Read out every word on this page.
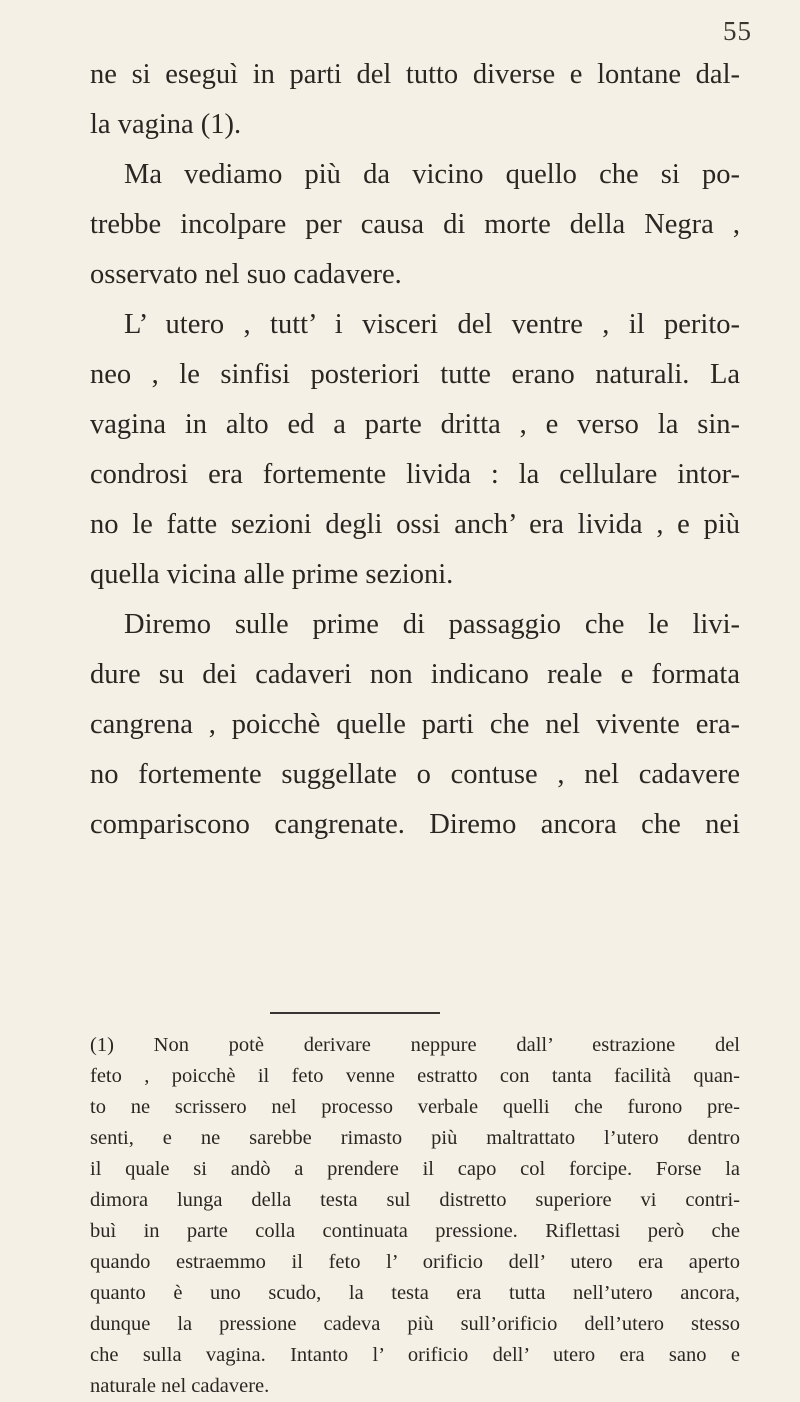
55
ne si eseguì in parti del tutto diverse e lontane dal-
la vagina (1).
Ma vediamo più da vicino quello che si po-
trebbe incolpare per causa di morte della Negra ,
osservato nel suo cadavere.
L’ utero , tutt’ i visceri del ventre , il perito-
neo , le sinfisi posteriori tutte erano naturali. La
vagina in alto ed a parte dritta , e verso la sin-
condrosi era fortemente livida : la cellulare intor-
no le fatte sezioni degli ossi anch’ era livida , e più
quella vicina alle prime sezioni.
Diremo sulle prime di passaggio che le livi-
dure su dei cadaveri non indicano reale e formata
cangrena , poicchè quelle parti che nel vivente era-
no fortemente suggellate o contuse , nel cadavere
compariscono cangrenate. Diremo ancora che nei
(1) Non potè derivare neppure dall’ estrazione del
feto , poicchè il feto venne estratto con tanta facilità quan-
to ne scrissero nel processo verbale quelli che furono pre-
senti, e ne sarebbe rimasto più maltrattato l’utero dentro
il quale si andò a prendere il capo col forcipe. Forse la
dimora lunga della testa sul distretto superiore vi contri-
buì in parte colla continuata pressione. Riflettasi però che
quando estraemmo il feto l’ orificio dell’ utero era aperto
quanto è uno scudo, la testa era tutta nell’utero ancora,
dunque la pressione cadeva più sull’orificio dell’utero stesso
che sulla vagina. Intanto l’ orificio dell’ utero era sano e
naturale nel cadavere.
